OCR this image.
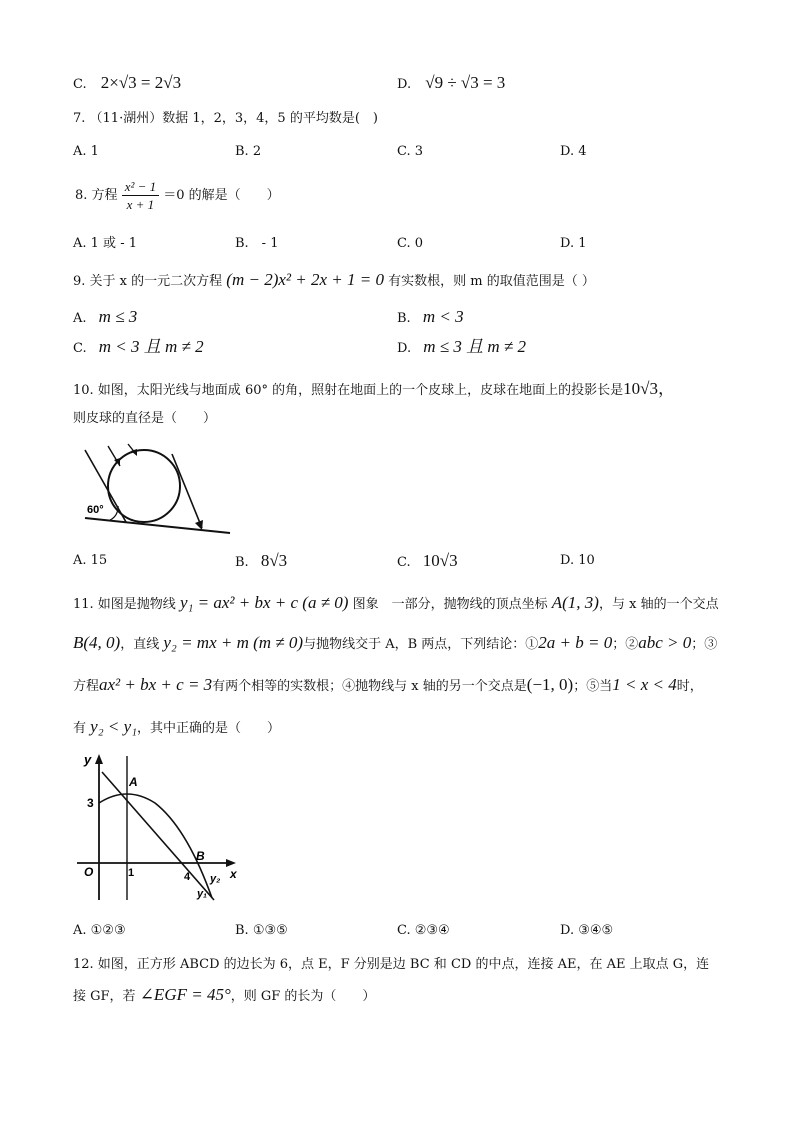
C. 2×√3 = 2√3	D. √9 ÷ √3 = 3
7. （11·湖州）数据 1，2，3，4，5 的平均数是(　)
A. 1	B. 2	C. 3	D. 4
8. 方程 $\frac{\text{x² − 1}}{x + 1} =0$ 的解是（　　）
A. 1 或 - 1	B.　- 1	C. 0	D. 1
9. 关于 x 的一元二次方程 (m − 2)x² + 2x + 1 = 0 有实数根，则 m 的取值范围是（ ）
A. m ≤ 3	B. m < 3
C. m < 3 且 m ≠ 2	D. m ≤ 3 且 m ≠ 2
10. 如图，太阳光线与地面成 60° 的角，照射在地面上的一个皮球上，皮球在地面上的投影长是10√3，
则皮球的直径是（　　）
60°
A. 15	B. 8√3	C. 10√3	D. 10
11. 如图是抛物线 y₁ = ax² + bx + c (a ≠ 0) 图象　一部分，抛物线的顶点坐标 A(1, 3)，与 x 轴的一个交点
B(4, 0)，直线 y₂ = mx + m (m ≠ 0)与抛物线交于 A，B 两点，下列结论：①2a + b = 0；②abc > 0；③
方程ax² + bx + c = 3有两个相等的实数根；④抛物线与 x 轴的另一个交点是(−1, 0)；⑤当1 < x < 4时，
有 y₂ < y₁，其中正确的是（　　）
y
x
3
A
B
O	1	4 y₂
y₁
A. ①②③	B. ①③⑤	C. ②③④	D. ③④⑤
12. 如图，正方形 ABCD 的边长为 6，点 E，F 分别是边 BC 和 CD 的中点，连接 AE，在 AE 上取点 G，连
接 GF，若 ∠EGF = 45°，则 GF 的长为（　　）
